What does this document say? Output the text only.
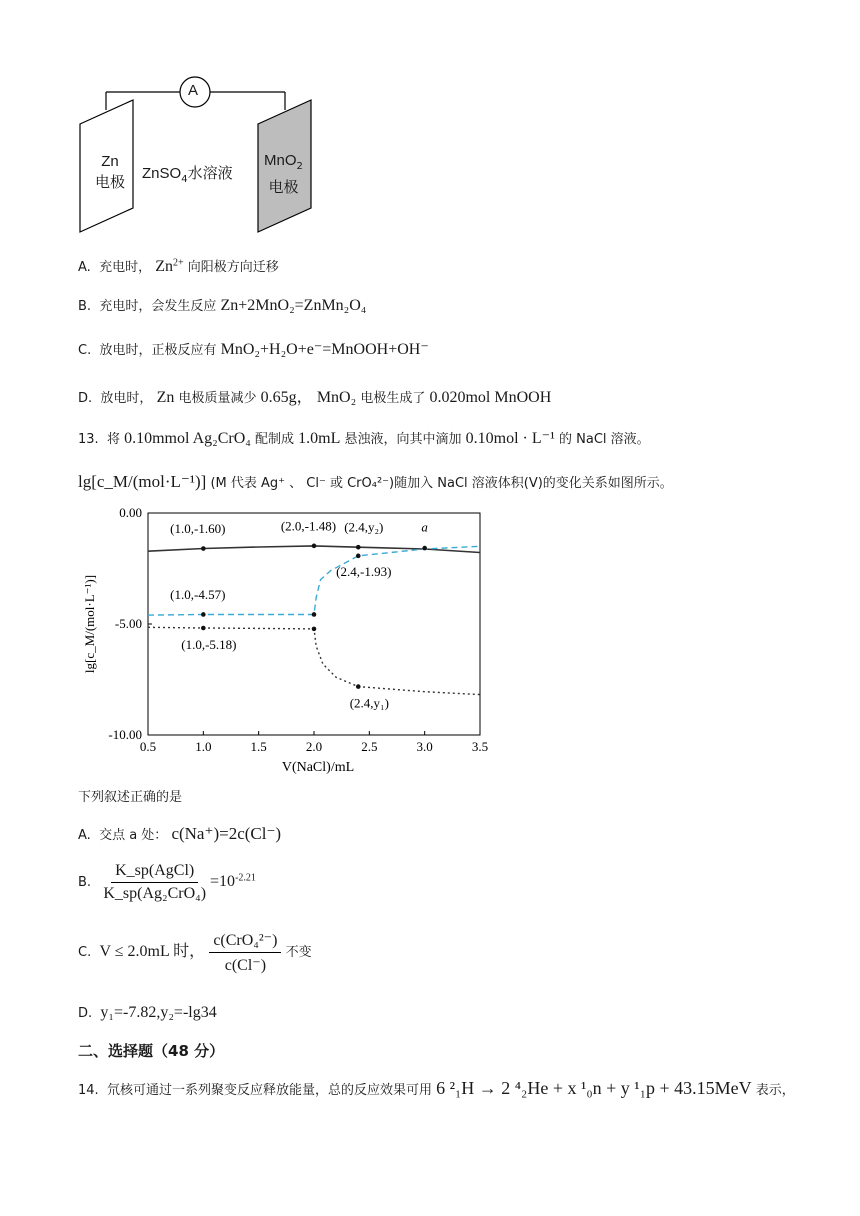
A
Zn
电极 ZnSO$_4$水溶液
MnO$_2$
电极
A. 充电时， $Zn^{2+}$ 向阳极方向迁移
B. 充电时，会发生反应 Zn+2MnO₂=ZnMn₂O₄
C. 放电时，正极反应有 MnO₂+H₂O+e⁻=MnOOH+OH⁻
D. 放电时， Zn 电极质量减少 0.65g， MnO₂ 电极生成了 0.020mol MnOOH
13. 将 0.10mmol Ag₂CrO₄ 配制成 1.0mL 悬浊液，向其中滴加 0.10mol · L⁻¹ 的 NaCl 溶液。
lg[c_M/(mol·L⁻¹)] (M 代表 Ag⁺ 、 Cl⁻ 或 CrO₄²⁻)随加入 NaCl 溶液体积(V)的变化关系如图所示。
0.5	1.0	1.5	2.0	2.5	3.0	3.5
0.00
-5.00
-10.00
V(NaCl)/mL
lg[c_M/(mol·L⁻¹)]
(1.0,-1.60)	(2.0,-1.48) (2.4,y₂)	a
(2.4,-1.93)
(1.0,-4.57)
(1.0,-5.18)
(2.4,y₁)
下列叙述正确的是
A. 交点 a 处： c(Na⁺)=2c(Cl⁻)
B. $\frac{\text{K\_sp(AgCl)}}{\text{K\_sp(Ag₂CrO₄)}} =10^{-2.21}$
C. V ≤ 2.0mL 时， $\frac{\text{c(CrO₄²⁻)}}{c(Cl^-)}$ 不变
D. y₁=-7.82,y₂=-lg34
二、选择题（48 分）
14. 氘核可通过一系列聚变反应释放能量，总的反应效果可用 6 ²₁H → 2 ⁴₂He + x ¹₀n + y ¹₁p + 43.15MeV 表示，
